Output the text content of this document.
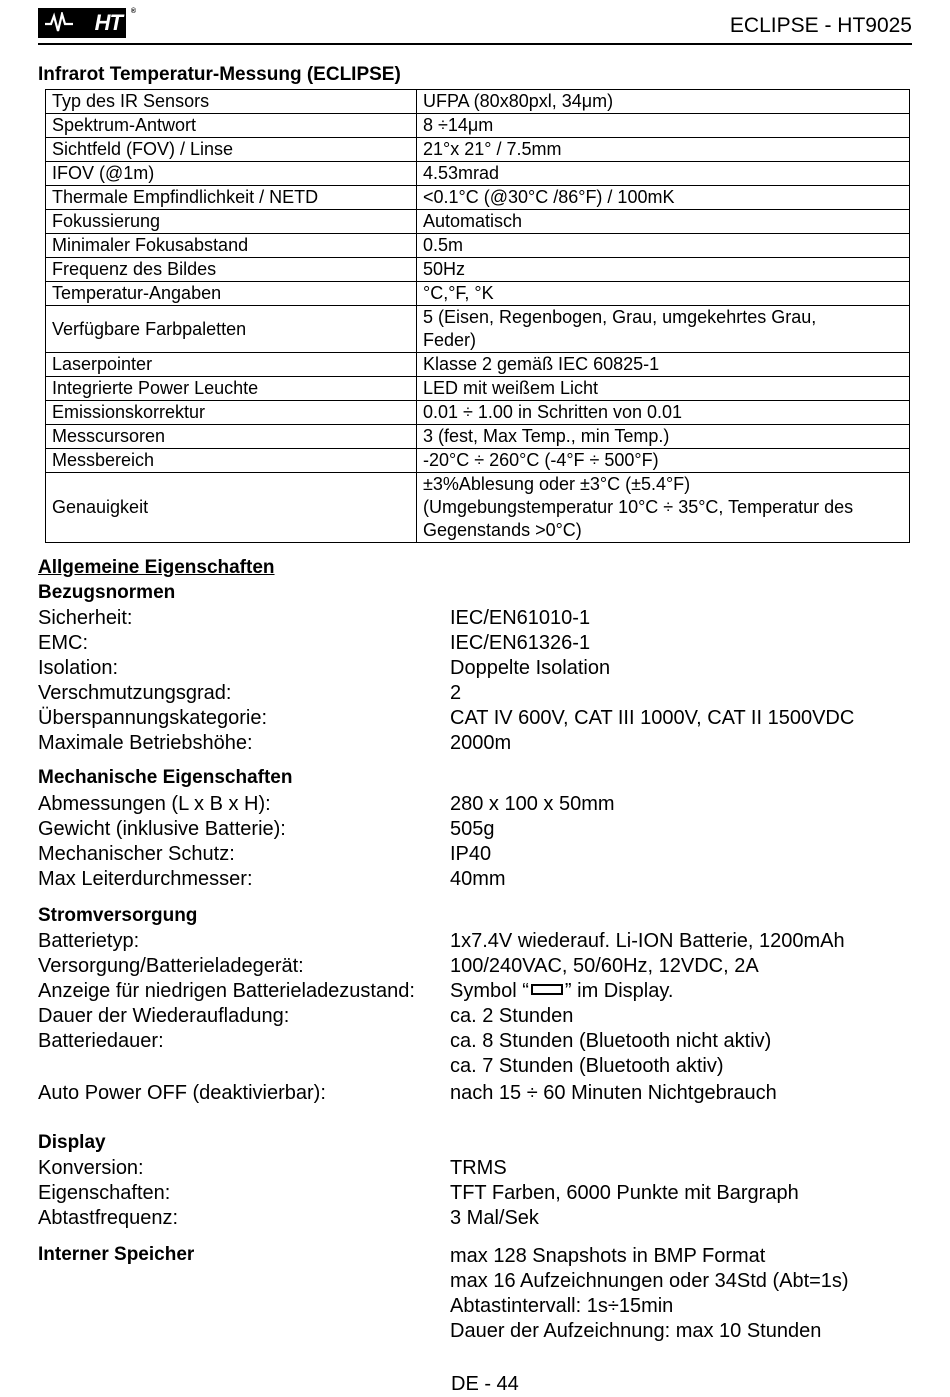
HT ®
ECLIPSE - HT9025
Infrarot Temperatur-Messung (ECLIPSE)
Typ des IR Sensors	UFPA (80x80pxl, 34μm)
Spektrum-Antwort	8 ÷14μm
Sichtfeld (FOV) / Linse	21°x 21° / 7.5mm
IFOV (@1m)	4.53mrad
Thermale Empfindlichkeit / NETD	<0.1°C (@30°C /86°F) / 100mK
Fokussierung	Automatisch
Minimaler Fokusabstand	0.5m
Frequenz des Bildes	50Hz
Temperatur-Angaben	°C,°F, °K
Verfügbare Farbpaletten	5 (Eisen, Regenbogen, Grau, umgekehrtes Grau,
Feder)

Laserpointer	Klasse 2 gemäß IEC 60825-1
Integrierte Power Leuchte	LED mit weißem Licht
Emissionskorrektur	0.01 ÷ 1.00 in Schritten von 0.01
Messcursoren	3 (fest, Max Temp., min Temp.)
Messbereich	-20°C ÷ 260°C (-4°F ÷ 500°F)
Genauigkeit	±3%Ablesung oder ±3°C (±5.4°F)
(Umgebungstemperatur 10°C ÷ 35°C, Temperatur des
Gegenstands >0°C)
Allgemeine Eigenschaften
Bezugsnormen
Sicherheit:	IEC/EN61010-1
EMC:	IEC/EN61326-1
Isolation:	Doppelte Isolation
Verschmutzungsgrad:	2
Überspannungskategorie:	CAT IV 600V, CAT III 1000V, CAT II 1500VDC
Maximale Betriebshöhe:	2000m
Mechanische Eigenschaften
Abmessungen (L x B x H):	280 x 100 x 50mm
Gewicht (inklusive Batterie):	505g
Mechanischer Schutz:	IP40
Max Leiterdurchmesser:	40mm
Stromversorgung
Batterietyp:	1x7.4V wiederauf. Li-ION Batterie, 1200mAh
Versorgung/Batterieladegerät:	100/240VAC, 50/60Hz, 12VDC, 2A
Anzeige für niedrigen Batterieladezustand: Symbol “ ” im Display.
Dauer der Wiederaufladung:	ca. 2 Stunden
Batteriedauer:	ca. 8 Stunden (Bluetooth nicht aktiv)
ca. 7 Stunden (Bluetooth aktiv)
Auto Power OFF (deaktivierbar):	nach 15 ÷ 60 Minuten Nichtgebrauch
Display
Konversion:	TRMS
Eigenschaften:	TFT Farben, 6000 Punkte mit Bargraph
Abtastfrequenz:	3 Mal/Sek
Interner Speicher	max 128 Snapshots in BMP Format
max 16 Aufzeichnungen oder 34Std (Abt=1s)
Abtastintervall: 1s÷15min
Dauer der Aufzeichnung: max 10 Stunden
DE - 44
